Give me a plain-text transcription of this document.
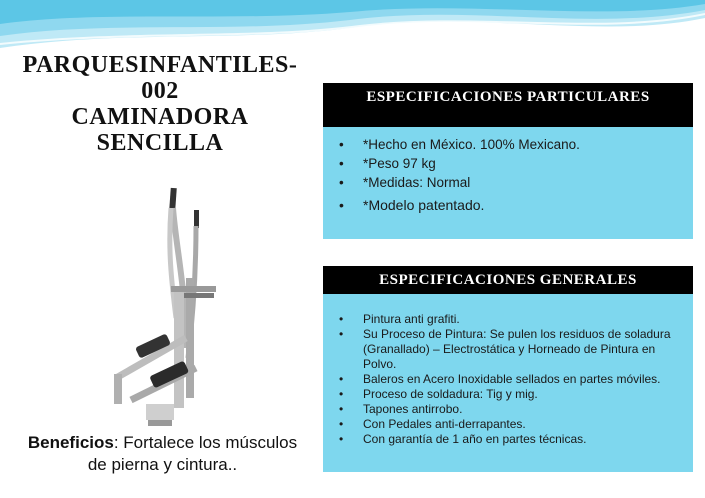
PARQUESINFANTILES-
002
CAMINADORA
SENCILLA
Beneficios: Fortalece los músculos de pierna y cintura..
ESPECIFICACIONES PARTICULARES
• *Hecho en México. 100% Mexicano.
• *Peso 97 kg
• *Medidas: Normal
• *Modelo patentado.
ESPECIFICACIONES GENERALES
• Pintura anti grafiti.
• Su Proceso de Pintura: Se pulen los residuos de soladura (Granallado) – Electrostática y Horneado de Pintura en Polvo.
• Baleros en Acero Inoxidable sellados en partes móviles.
• Proceso de soldadura: Tig y mig.
• Tapones antirrobo.
• Con Pedales anti-derrapantes.
• Con garantía de 1 año en partes técnicas.
